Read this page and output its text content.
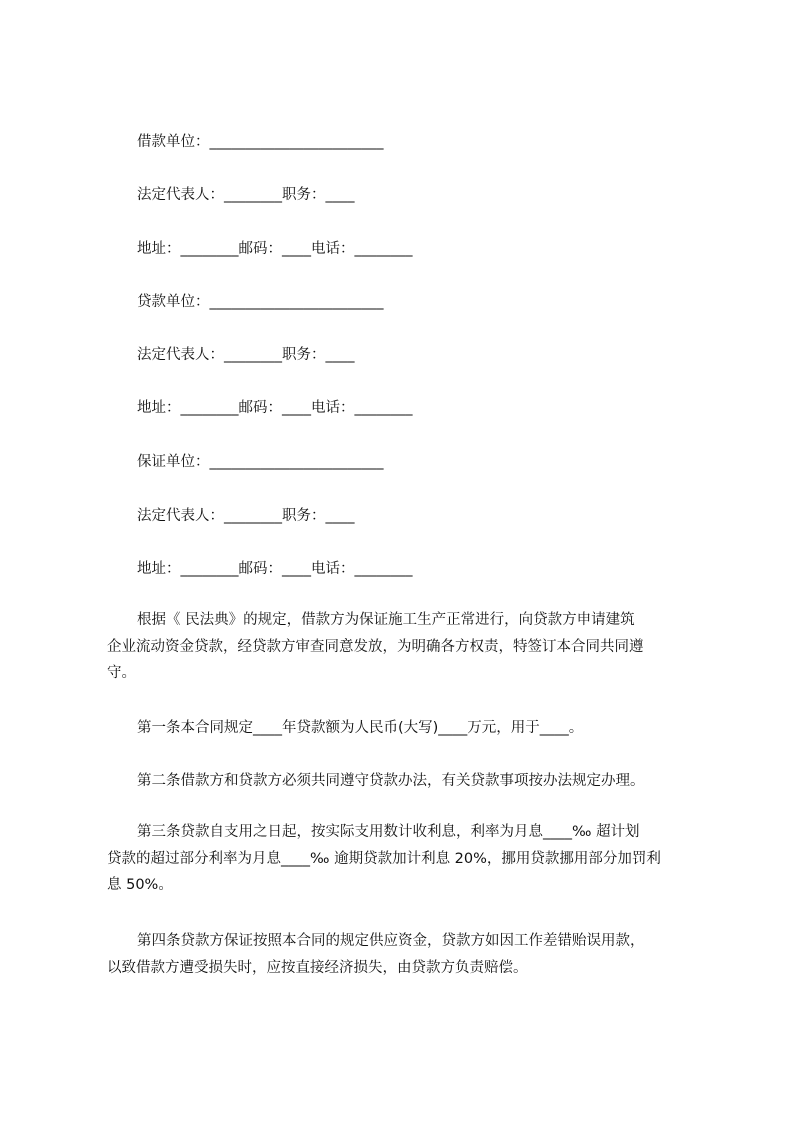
借款单位：________________________
法定代表人：________职务：____
地址：________邮码：____电话：________
贷款单位：________________________
法定代表人：________职务：____
地址：________邮码：____电话：________
保证单位：________________________
法定代表人：________职务：____
地址：________邮码：____电话：________
根据《 民法典》的规定，借款方为保证施工生产正常进行，向贷款方申请建筑
企业流动资金贷款，经贷款方审查同意发放，为明确各方权责，特签订本合同共同遵
守。
第一条本合同规定____年贷款额为人民币(大写)____万元，用于____。
第二条借款方和贷款方必须共同遵守贷款办法，有关贷款事项按办法规定办理。
第三条贷款自支用之日起，按实际支用数计收利息，利率为月息____‰ 超计划
贷款的超过部分利率为月息____‰ 逾期贷款加计利息 20%，挪用贷款挪用部分加罚利
息 50%。
第四条贷款方保证按照本合同的规定供应资金，贷款方如因工作差错贻误用款，
以致借款方遭受损失时，应按直接经济损失，由贷款方负责赔偿。
